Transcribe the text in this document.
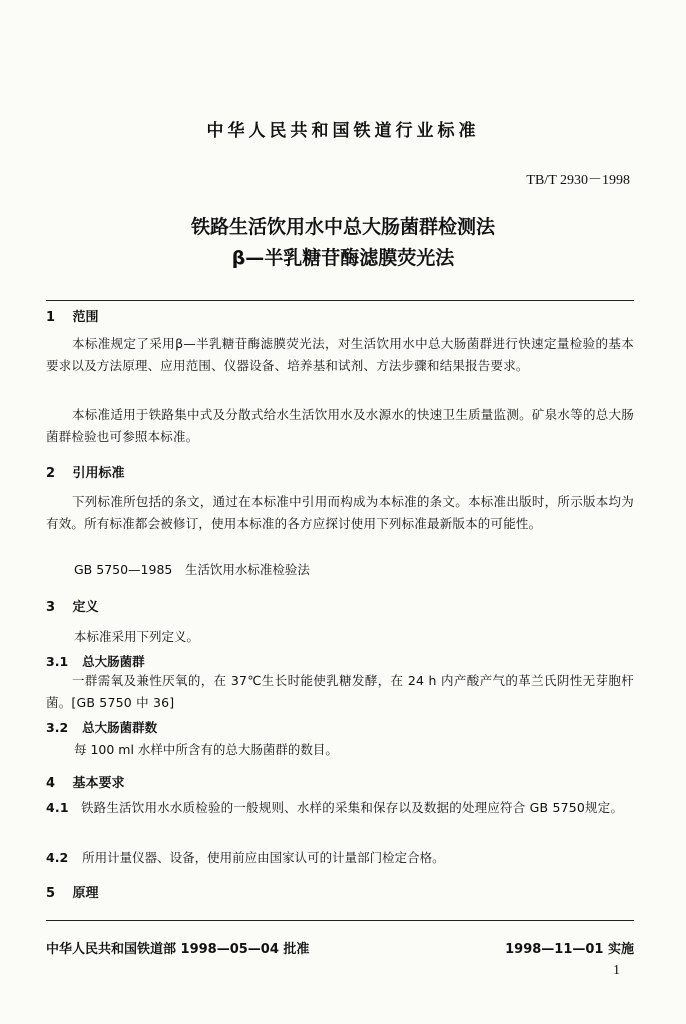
中华人民共和国铁道行业标准
TB/T 2930－1998
铁路生活饮用水中总大肠菌群检测法
β—半乳糖苷酶滤膜荧光法
1 范围
本标准规定了采用β—半乳糖苷酶滤膜荧光法，对生活饮用水中总大肠菌群进行快速定量检验的基本要求以及方法原理、应用范围、仪器设备、培养基和试剂、方法步骤和结果报告要求。
本标准适用于铁路集中式及分散式给水生活饮用水及水源水的快速卫生质量监测。矿泉水等的总大肠菌群检验也可参照本标准。
2 引用标准
下列标准所包括的条文，通过在本标准中引用而构成为本标准的条文。本标准出版时，所示版本均为有效。所有标准都会被修订，使用本标准的各方应探讨使用下列标准最新版本的可能性。
GB 5750—1985　生活饮用水标准检验法
3 定义
本标准采用下列定义。
3.1 总大肠菌群
一群需氧及兼性厌氧的，在 37℃生长时能使乳糖发酵，在 24 h 内产酸产气的革兰氏阴性无芽胞杆菌。[GB 5750 中 36]
3.2 总大肠菌群数
每 100 ml 水样中所含有的总大肠菌群的数目。
4 基本要求
4.1 铁路生活饮用水水质检验的一般规则、水样的采集和保存以及数据的处理应符合 GB 5750规定。
4.2 所用计量仪器、设备，使用前应由国家认可的计量部门检定合格。
5 原理
中华人民共和国铁道部 1998—05—04 批准	1998—11—01 实施
1
